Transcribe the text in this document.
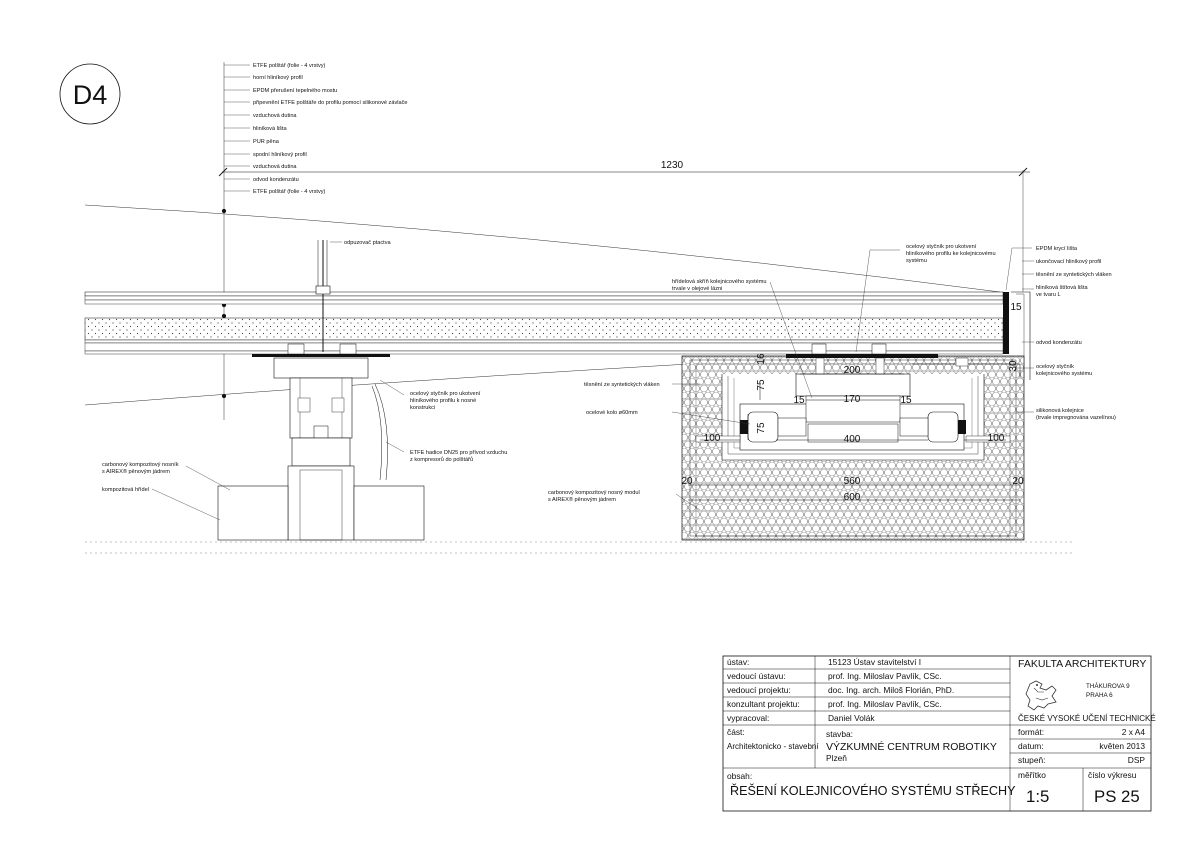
D4
ETFE polštář (folie - 4 vrstvy)
horní hliníkový profil
EPDM přerušení tepelného mostu
připevnění ETFE polštáře do profilu pomocí silikonové závlače
vzduchová dutina
hliníková lišta
PUR pěna
spodní hliníkový profil
vzduchová dutina
odvod kondenzátu
ETFE polštář (folie - 4 vrstvy)
1230
odpuzovač ptactva
ocelový styčník pro ukotvení
hliníkového profilu k nosné
konstrukci
ETFE hadice DN25 pro přívod vzduchu
z kompresorů do polštářů
carbonový kompozitový nosník
s AIREX® pěnovým jádrem
kompozitová hřídel
200
170
400
100	100
560
600
20	20
15	15
75
75
16
15
30
ocelový styčník pro ukotvení
hliníkového profilu ke kolejnicovému
systému
hřídelová skříň kolejnicového systému
trvale v olejové lázni
těsnění ze syntetických vláken
ocelové kolo ø60mm
carbonový kompozitový nosný modul
s AIREX® pěnovým jádrem
EPDM krycí lišta
ukončovací hliníkový profil
těsnění ze syntetických vláken
hliníková štítová lišta
ve tvaru L
odvod kondenzátu
ocelový styčník
kolejnicového systému
silikonová kolejnice
(trvale impregnována vazelínou)
ústav:	15123 Ústav stavitelství I
vedoucí ústavu:	prof. Ing. Miloslav Pavlík, CSc.
vedoucí projektu:	doc. Ing. arch. Miloš Florián, PhD.
konzultant projektu:	prof. Ing. Miloslav Pavlík, CSc.
vypracoval:	Daniel Volák
část:
Architektonicko - stavební
stavba:
VÝZKUMNÉ CENTRUM ROBOTIKY
Plzeň
FAKULTA ARCHITEKTURY
THÁKUROVA 9
PRAHA 6
ČESKÉ VYSOKÉ UČENÍ TECHNICKÉ
formát:	2 x A4
datum:	květen 2013
stupeň:	DSP
obsah:
ŘEŠENÍ KOLEJNICOVÉHO SYSTÉMU STŘECHY
měřítko
1:5
číslo výkresu
PS 25
